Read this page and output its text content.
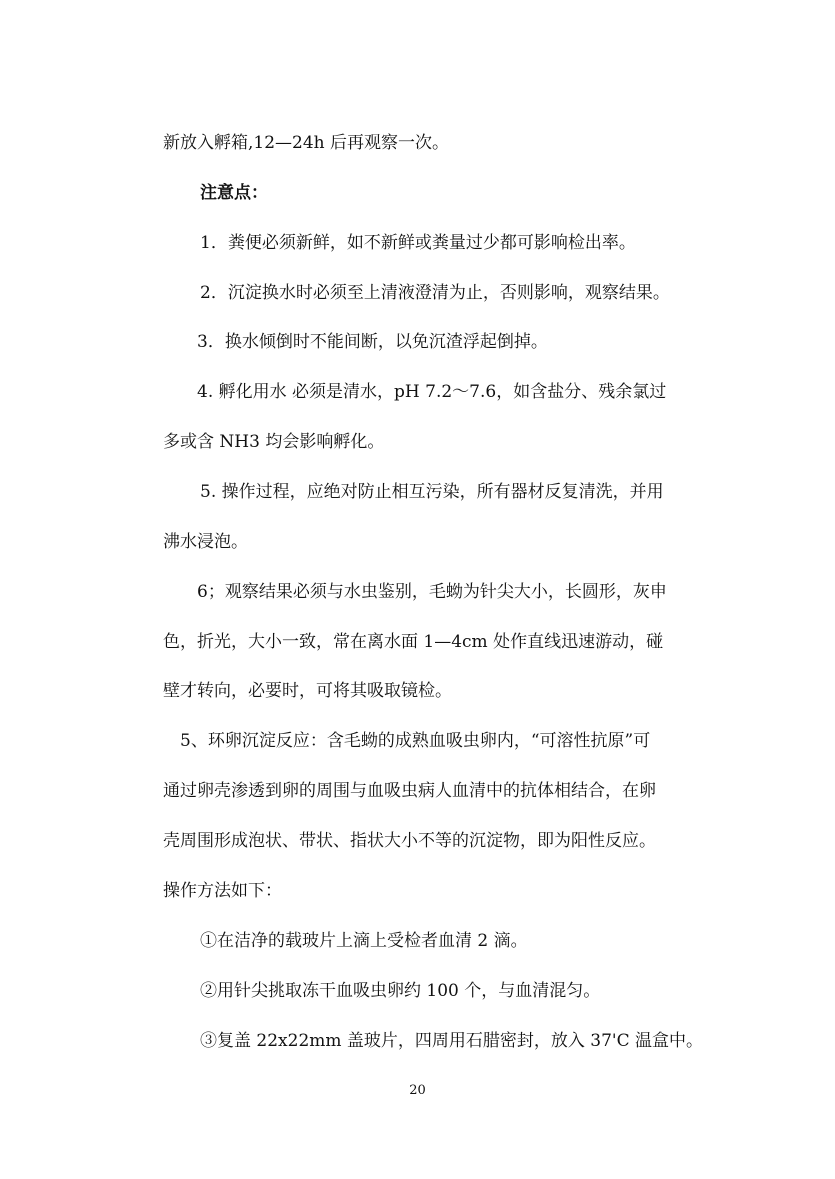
新放入孵箱,12—24h 后再观察一次。
注意点：
1．粪便必须新鲜，如不新鲜或粪量过少都可影响检出率。
2．沉淀换水时必须至上清液澄清为止，否则影响，观察结果。
3．换水倾倒时不能间断，以免沉渣浮起倒掉。
4. 孵化用水 必须是清水，pH 7.2～7.6，如含盐分、残余氯过
多或含 NH3 均会影响孵化。
5. 操作过程，应绝对防止相互污染，所有器材反复清洗，并用
沸水浸泡。
6；观察结果必须与水虫鉴别，毛蚴为针尖大小，长圆形，灰申
色，折光，大小一致，常在离水面 1—4cm 处作直线迅速游动，碰
壁才转向，必要时，可将其吸取镜检。
5、环卵沉淀反应：含毛蚴的成熟血吸虫卵内，“可溶性抗原”可
通过卵壳渗透到卵的周围与血吸虫病人血清中的抗体相结合，在卵
壳周围形成泡状、带状、指状大小不等的沉淀物，即为阳性反应。
操作方法如下：
①在洁净的载玻片上滴上受检者血清 2 滴。
②用针尖挑取冻干血吸虫卵约 100 个，与血清混匀。
③复盖 22x22mm 盖玻片，四周用石腊密封，放入 37'C 温盒中。
20
